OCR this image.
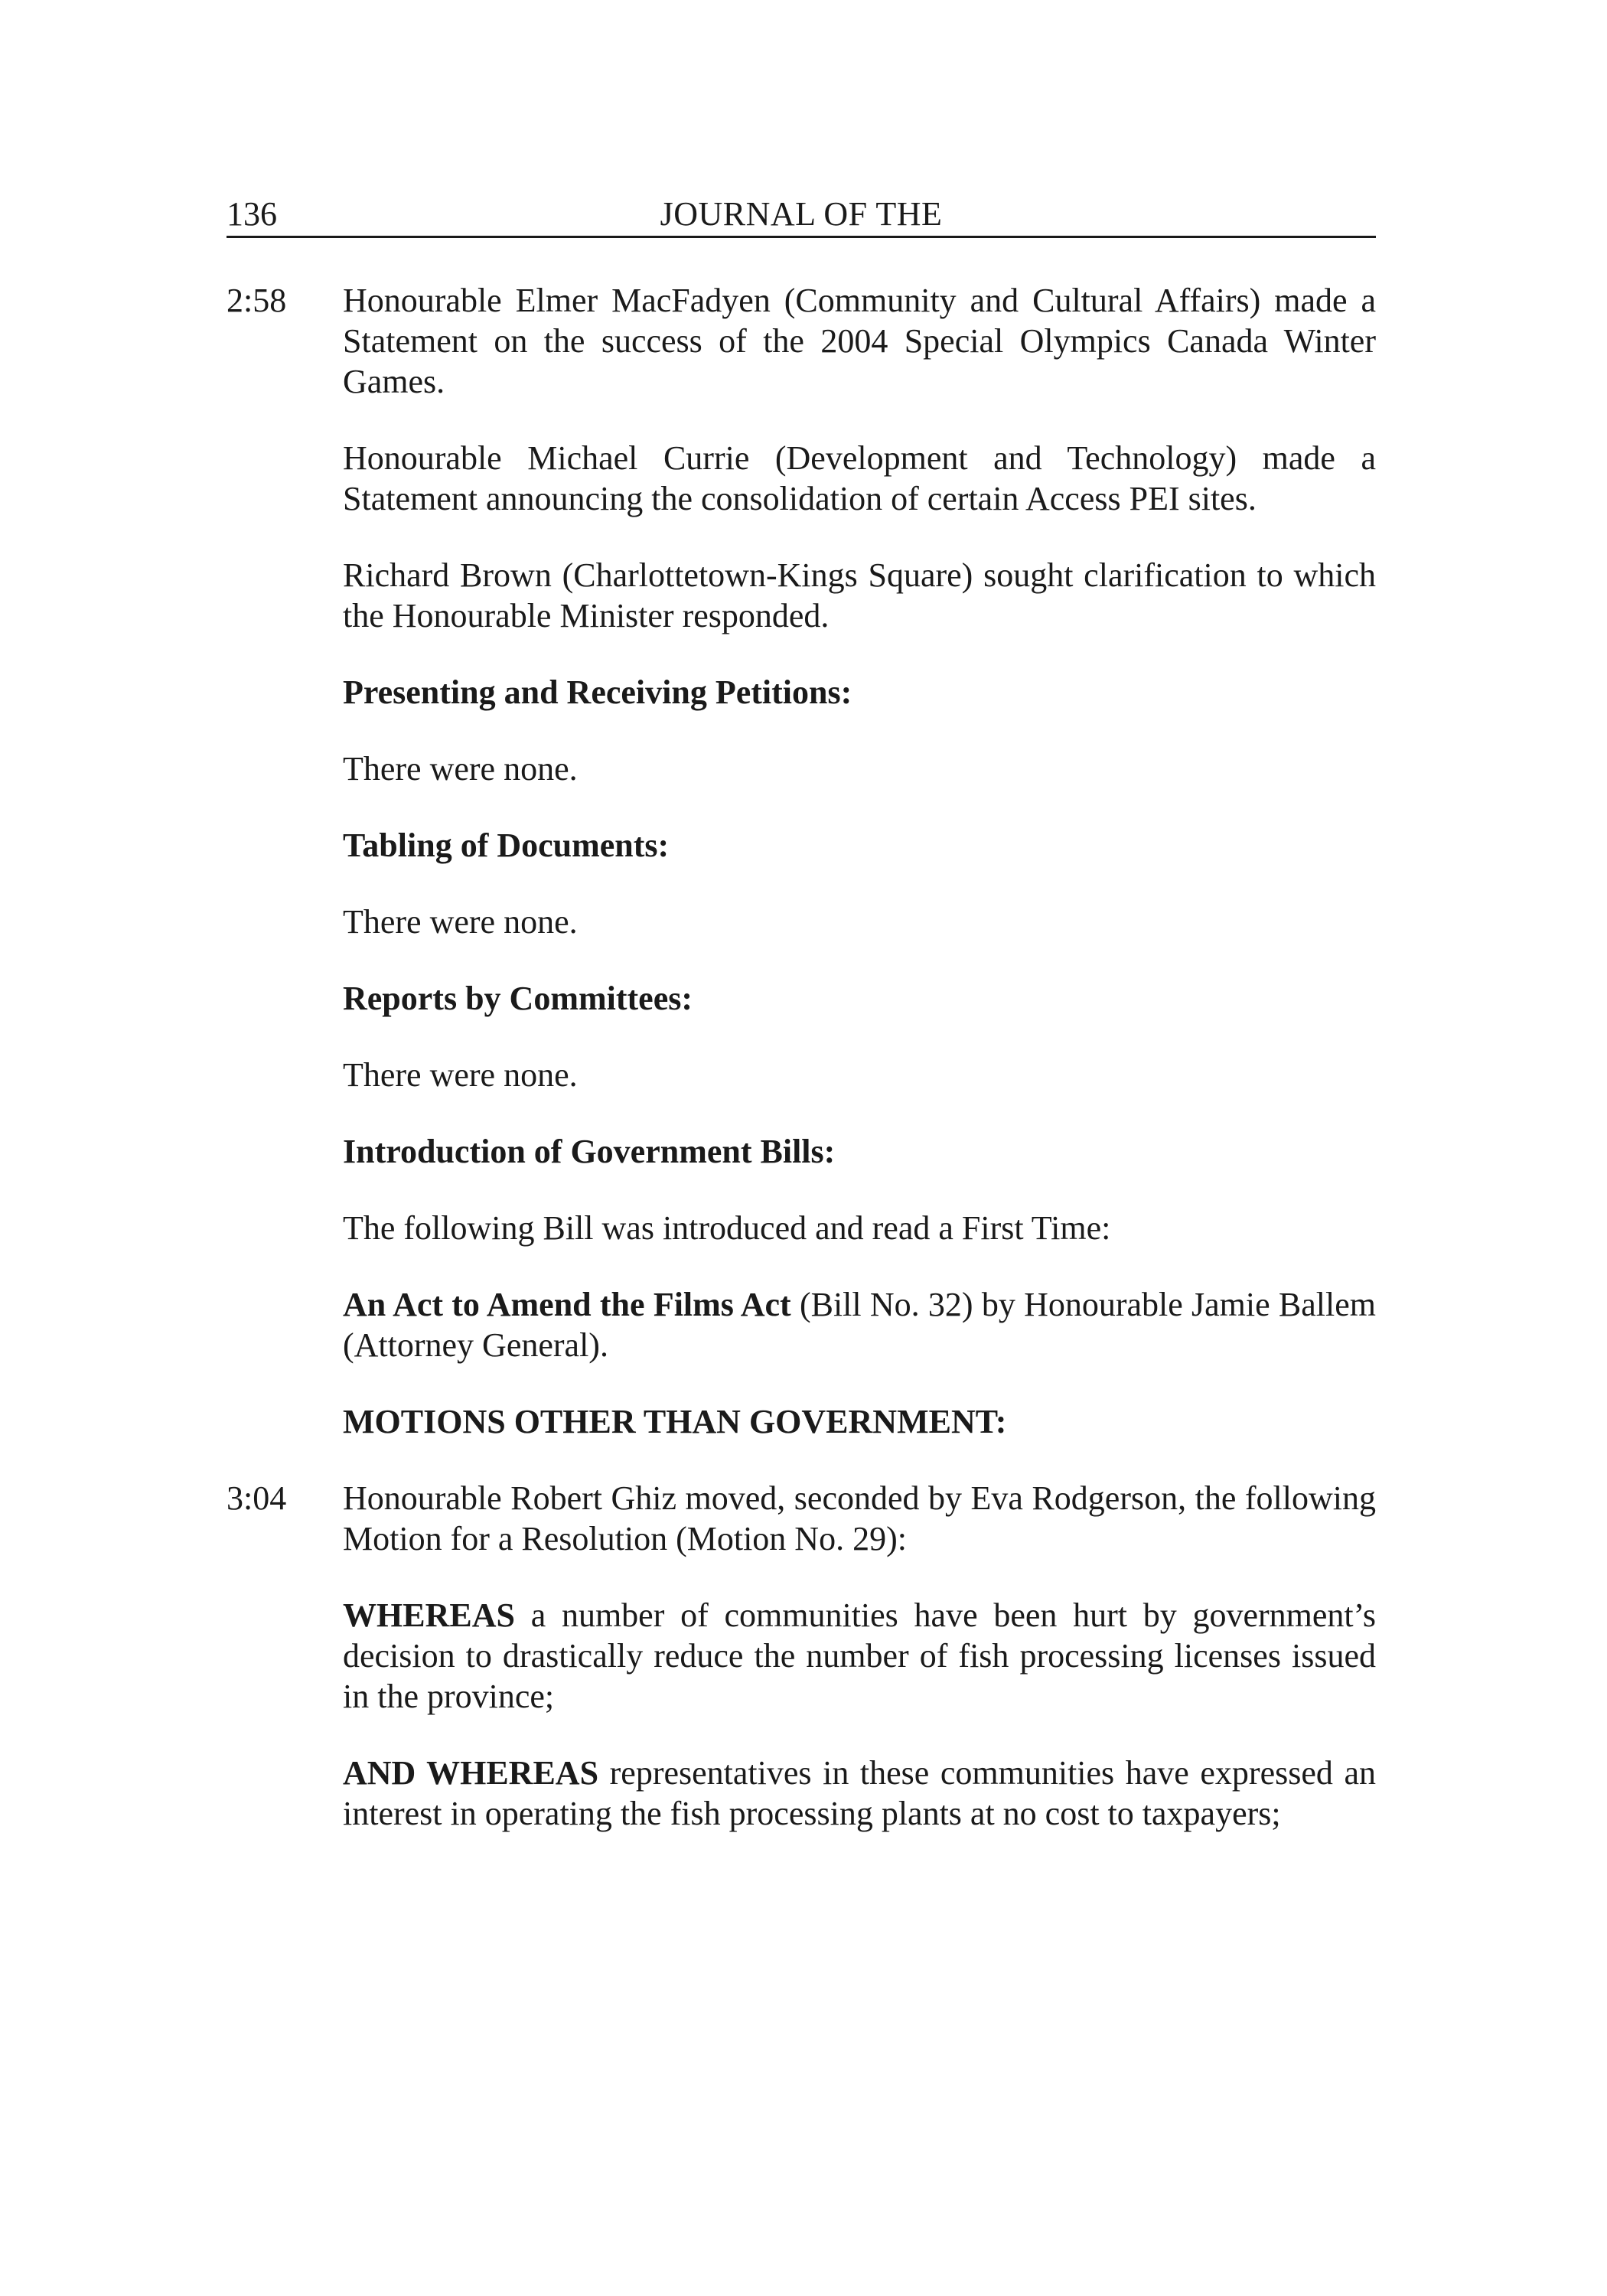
136	JOURNAL OF THE
2:58 Honourable Elmer MacFadyen (Community and Cultural Affairs) made a Statement on the success of the 2004 Special Olympics Canada Winter Games.
Honourable Michael Currie (Development and Technology) made a Statement announcing the consolidation of certain Access PEI sites.
Richard Brown (Charlottetown-Kings Square) sought clarification to which the Honourable Minister responded.
Presenting and Receiving Petitions:
There were none.
Tabling of Documents:
There were none.
Reports by Committees:
There were none.
Introduction of Government Bills:
The following Bill was introduced and read a First Time:
An Act to Amend the Films Act (Bill No. 32) by Honourable Jamie Ballem (Attorney General).
MOTIONS OTHER THAN GOVERNMENT:
3:04 Honourable Robert Ghiz moved, seconded by Eva Rodgerson, the following Motion for a Resolution (Motion No. 29):
WHEREAS a number of communities have been hurt by government’s decision to drastically reduce the number of fish processing licenses issued in the province;
AND WHEREAS representatives in these communities have expressed an interest in operating the fish processing plants at no cost to taxpayers;
